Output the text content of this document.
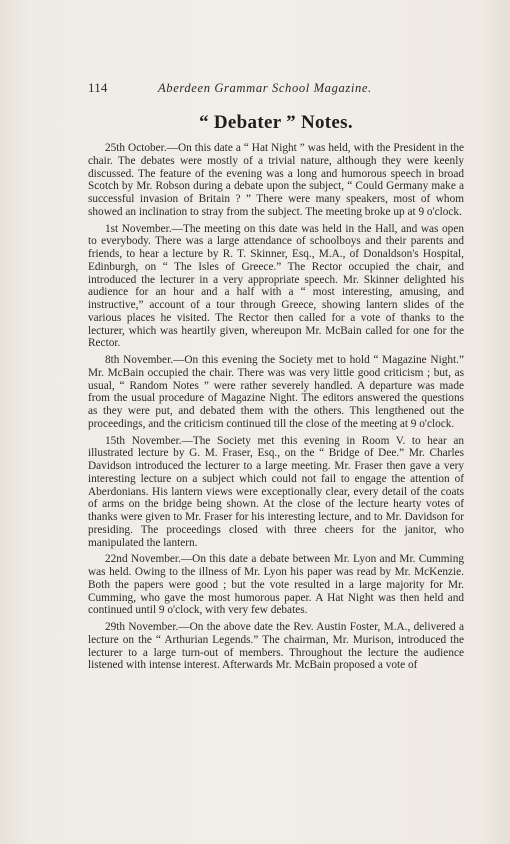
114	Aberdeen Grammar School Magazine.
“ Debater ” Notes.

25th October.—On this date a “ Hat Night ” was held, with the President in the chair. The debates were mostly of a trivial nature, although they were keenly discussed. The feature of the evening was a long and humorous speech in broad Scotch by Mr. Robson during a debate upon the subject, “ Could Germany make a successful invasion of Britain ? ” There were many speakers, most of whom showed an inclination to stray from the subject. The meeting broke up at 9 o'clock.

1st November.—The meeting on this date was held in the Hall, and was open to everybody. There was a large attendance of schoolboys and their parents and friends, to hear a lecture by R. T. Skinner, Esq., M.A., of Donaldson's Hospital, Edinburgh, on “ The Isles of Greece.” The Rector occupied the chair, and introduced the lecturer in a very appropriate speech. Mr. Skinner delighted his audience for an hour and a half with a “ most interesting, amusing, and instructive,” account of a tour through Greece, showing lantern slides of the various places he visited. The Rector then called for a vote of thanks to the lecturer, which was heartily given, whereupon Mr. McBain called for one for the Rector.

8th November.—On this evening the Society met to hold “ Magazine Night.” Mr. McBain occupied the chair. There was was very little good criticism ; but, as usual, “ Random Notes ” were rather severely handled. A departure was made from the usual procedure of Magazine Night. The editors answered the questions as they were put, and debated them with the others. This lengthened out the proceedings, and the criticism continued till the close of the meeting at 9 o'clock.

15th November.—The Society met this evening in Room V. to hear an illustrated lecture by G. M. Fraser, Esq., on the “ Bridge of Dee.” Mr. Charles Davidson introduced the lecturer to a large meeting. Mr. Fraser then gave a very interesting lecture on a subject which could not fail to engage the attention of Aberdonians. His lantern views were exceptionally clear, every detail of the coats of arms on the bridge being shown. At the close of the lecture hearty votes of thanks were given to Mr. Fraser for his interesting lecture, and to Mr. Davidson for presiding. The proceedings closed with three cheers for the janitor, who manipulated the lantern.

22nd November.—On this date a debate between Mr. Lyon and Mr. Cumming was held. Owing to the illness of Mr. Lyon his paper was read by Mr. McKenzie. Both the papers were good ; but the vote resulted in a large majority for Mr. Cumming, who gave the most humorous paper. A Hat Night was then held and continued until 9 o'clock, with very few debates.

29th November.—On the above date the Rev. Austin Foster, M.A., delivered a lecture on the “ Arthurian Legends.” The chairman, Mr. Murison, introduced the lecturer to a large turn-out of members. Throughout the lecture the audience listened with intense interest. Afterwards Mr. McBain proposed a vote of
